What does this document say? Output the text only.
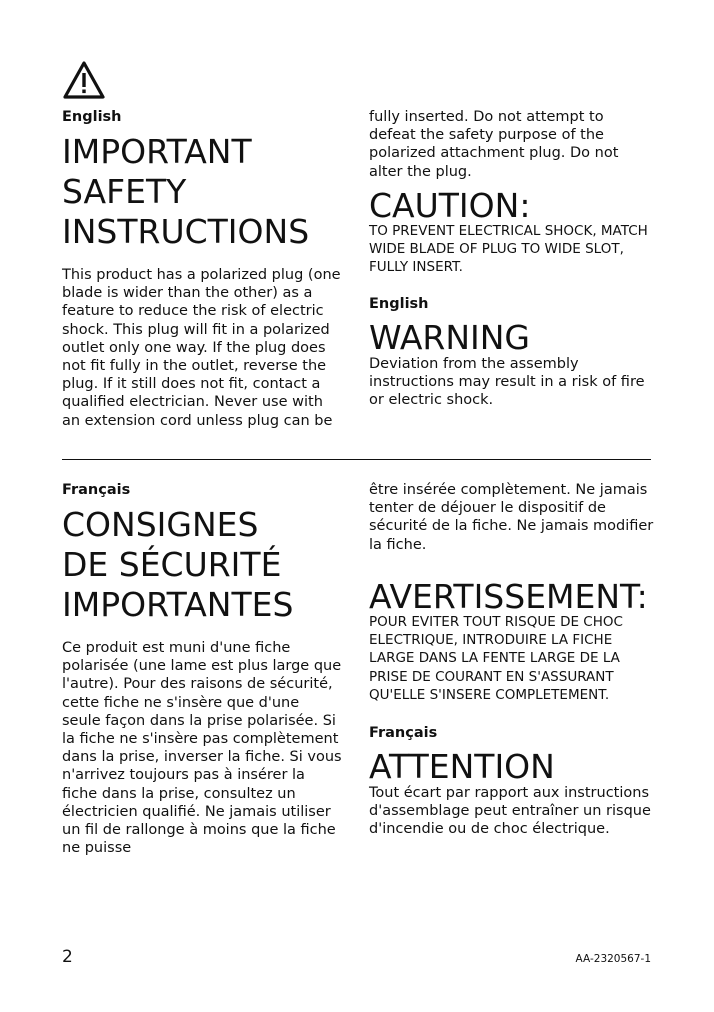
English
IMPORTANT
SAFETY
INSTRUCTIONS
This product has a polarized plug (one blade is wider than the other) as a feature to reduce the risk of electric shock. This plug will fit in a polarized outlet only one way. If the plug does not fit fully in the outlet, reverse the plug. If it still does not fit, contact a qualified electrician. Never use with an extension cord unless plug can be
fully inserted. Do not attempt to defeat the safety purpose of the polarized attachment plug. Do not alter the plug.
CAUTION:
TO PREVENT ELECTRICAL SHOCK, MATCH WIDE BLADE OF PLUG TO WIDE SLOT, FULLY INSERT.
English
WARNING
Deviation from the assembly instructions may result in a risk of fire or electric shock.
Français
CONSIGNES
DE SÉCURITÉ
IMPORTANTES
Ce produit est muni d'une fiche polarisée (une lame est plus large que l'autre). Pour des raisons de sécurité, cette fiche ne s'insère que d'une seule façon dans la prise polarisée. Si la fiche ne s'insère pas complètement dans la prise, inverser la fiche. Si vous n'arrivez toujours pas à insérer la fiche dans la prise, consultez un électricien qualifié. Ne jamais utiliser un fil de rallonge à moins que la fiche ne puisse
être insérée complètement. Ne jamais tenter de déjouer le dispositif de sécurité de la fiche. Ne jamais modifier la fiche.
AVERTISSEMENT:
POUR EVITER TOUT RISQUE DE CHOC ELECTRIQUE, INTRODUIRE LA FICHE LARGE DANS LA FENTE LARGE DE LA PRISE DE COURANT EN S'ASSURANT QU'ELLE S'INSERE COMPLETEMENT.
Français
ATTENTION
Tout écart par rapport aux instructions d'assemblage peut entraîner un risque d'incendie ou de choc électrique.
2	AA-2320567-1
